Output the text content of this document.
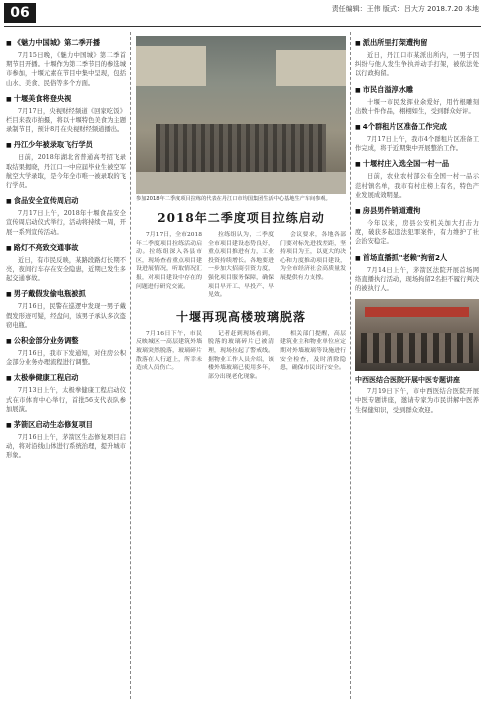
06	责任编辑：王伟 版式：吕大方 2018.7.20 本地
■ 《魅力中国城》第二季开播
7月15日晚，《魅力中国城》第二季首期节目开播。十堰作为第二季节目的参选城市参加，十堰元素在节目中集中呈现，包括山水、美食、民俗等多个方面。
■ 十堰美食将登央视
7月17日，央视财经频道《回家吃饭》栏目来我市拍摄，将以十堰特色美食为主题录制节目，预计8月在央视财经频道播出。
■ 丹江少年被录取飞行学员
日前，2018年湖北省普通高考招飞录取结果揭晓，丹江口一中应届毕业生被空军航空大学录取，是今年全市唯一被录取的飞行学员。
■ 食品安全宣传周启动
7月17日上午，2018年十堰食品安全宣传周启动仪式举行，活动将持续一周，开展一系列宣传活动。
■ 路灯不亮致交通事故
近日，有市民反映，某路段路灯长期不亮，夜间行车存在安全隐患，近期已发生多起交通事故。
■ 男子戴假发偷电瓶被抓
7月16日，民警在巡逻中发现一男子戴假发形迹可疑，经盘问，该男子承认多次盗窃电瓶。
■ 公积金部分业务调整
7月16日，我市下发通知，对住房公积金部分业务办理流程进行调整。
■ 太极拳健康工程启动
7月13日上午，太极拳健康工程启动仪式在市体育中心举行，首批56支代表队参加展演。
■ 茅箭区启动生态修复项目
7月16日上午，茅箭区生态修复项目启动，将对沿线山体进行系统治理，提升城市形象。
参加2018年二季度项目拉练的代表在丹江口市均国集团生活中心基地生产车间参观。
2018年二季度项目拉练启动
7月17日，全市2018年二季度项目拉练活动启动。拉练组深入各县市区，现场查看重点项目建设进展情况，听取情况汇报，对项目建设中存在的问题进行研究交流。
拉练组认为，二季度全市项目建设态势良好，重点项目推进有力，工业投资持续增长。各地要进一步加大招商引资力度，强化项目服务保障，确保项目早开工、早投产、早见效。
会议要求，各地各部门要对标先进找差距，坚持项目为王，以更大的决心和力度推动项目建设，为全市经济社会高质量发展提供有力支撑。
十堰再现高楼玻璃脱落
7月16日下午，市民反映城区一高层建筑外墙玻璃突然脱落，玻璃碎片散落在人行道上，所幸未造成人员伤亡。
记者赶到现场看到，脱落的玻璃碎片已被清理，现场拉起了警戒线。据物业工作人员介绍，该楼外墙玻璃已使用多年，部分出现老化现象。
相关部门提醒，高层建筑业主和物业单位应定期对外墙玻璃等设施进行安全检查，及时消除隐患，确保市民出行安全。
■ 派出所里打架遭拘留
近日，丹江口市某派出所内，一男子因纠纷与他人发生争执并动手打架，被依法处以行政拘留。
■ 市民自溢淳水雕
十堰一市民发挥业余爱好，用竹根雕刻出数十件作品，栩栩如生，受到群众好评。
■ 4个群租片区准备工作完成
7月17日上午，我市4个群租片区准备工作完成，将于近期集中开展整治工作。
■ 十堰村庄入选全国一村一品
日前，农业农村部公布全国一村一品示范村镇名单，我市有村庄榜上有名，特色产业发展成效明显。
■ 房县男件销道遭拘
今年以来，房县公安机关加大打击力度，破获多起违法犯罪案件，有力维护了社会治安稳定。
■ 首场直播抓"老赖"拘留2人
7月14日上午，茅箭区法院开展首场网络直播执行活动，现场拘留2名拒不履行判决的被执行人。
中西医结合医院开展中医专题讲座
7月19日下午，市中西医结合医院开展中医专题讲座，邀请专家为市民讲解中医养生保健知识，受到群众欢迎。
